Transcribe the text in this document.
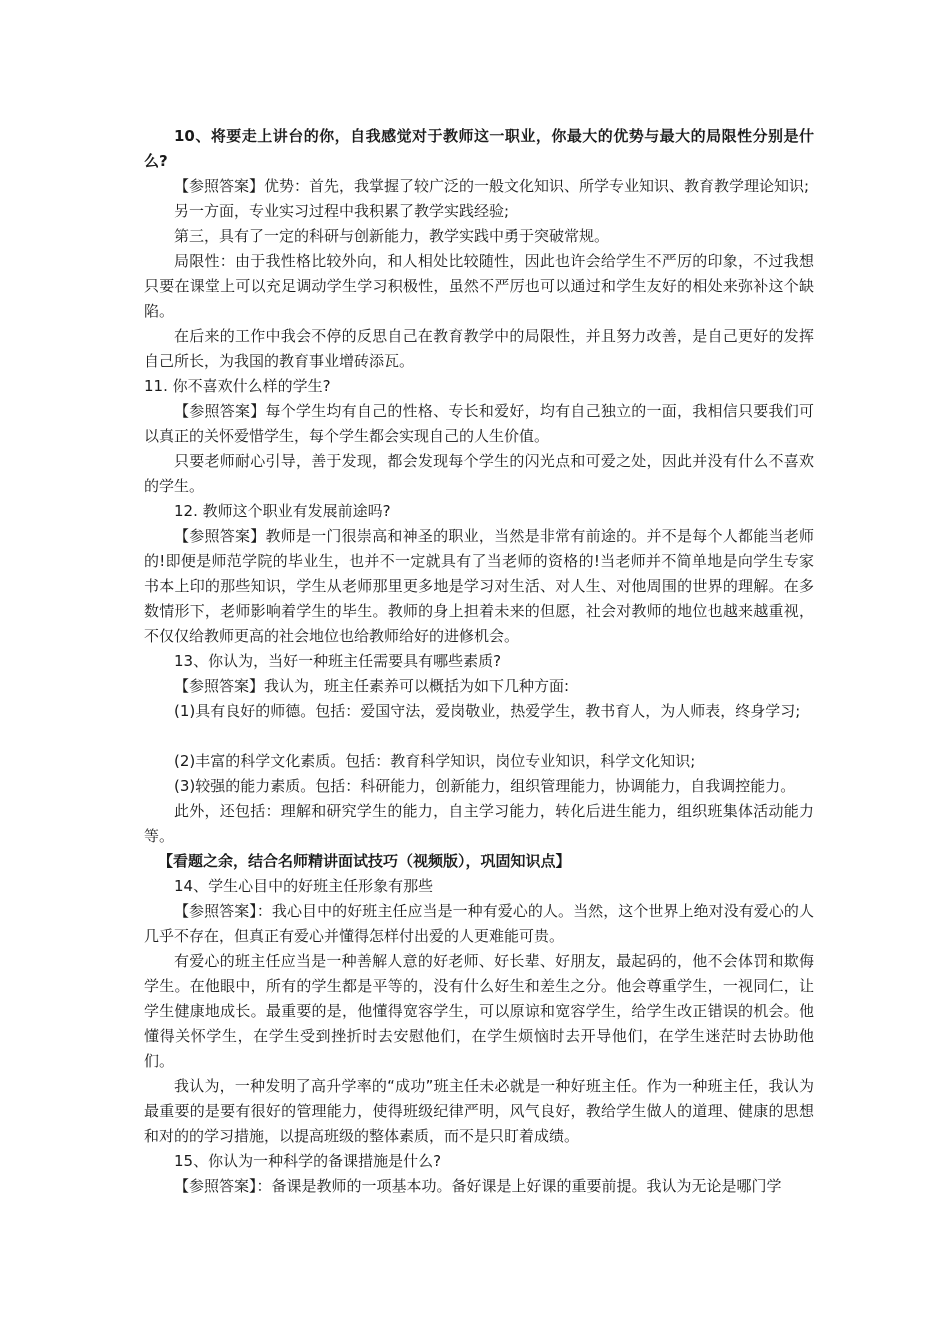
10、将要走上讲台的你，自我感觉对于教师这一职业，你最大的优势与最大的局限性分别是什么?

【参照答案】优势：首先，我掌握了较广泛的一般文化知识、所学专业知识、教育教学理论知识;

另一方面，专业实习过程中我积累了教学实践经验;

第三，具有了一定的科研与创新能力，教学实践中勇于突破常规。

局限性：由于我性格比较外向，和人相处比较随性，因此也许会给学生不严厉的印象，不过我想只要在课堂上可以充足调动学生学习积极性，虽然不严厉也可以通过和学生友好的相处来弥补这个缺陷。

在后来的工作中我会不停的反思自己在教育教学中的局限性，并且努力改善，是自己更好的发挥自己所长，为我国的教育事业增砖添瓦。

11. 你不喜欢什么样的学生?

【参照答案】每个学生均有自己的性格、专长和爱好，均有自己独立的一面，我相信只要我们可以真正的关怀爱惜学生，每个学生都会实现自己的人生价值。

只要老师耐心引导，善于发现，都会发现每个学生的闪光点和可爱之处，因此并没有什么不喜欢的学生。

12. 教师这个职业有发展前途吗?

【参照答案】教师是一门很崇高和神圣的职业，当然是非常有前途的。并不是每个人都能当老师的!即便是师范学院的毕业生，也并不一定就具有了当老师的资格的!当老师并不简单地是向学生专家书本上印的那些知识，学生从老师那里更多地是学习对生活、对人生、对他周围的世界的理解。在多数情形下，老师影响着学生的毕生。教师的身上担着未来的但愿，社会对教师的地位也越来越重视，不仅仅给教师更高的社会地位也给教师给好的进修机会。

13、你认为，当好一种班主任需要具有哪些素质?

【参照答案】我认为，班主任素养可以概括为如下几种方面:

(1)具有良好的师德。包括：爱国守法，爱岗敬业，热爱学生，教书育人，为人师表，终身学习;

(2)丰富的科学文化素质。包括：教育科学知识，岗位专业知识，科学文化知识;

(3)较强的能力素质。包括：科研能力，创新能力，组织管理能力，协调能力，自我调控能力。

此外，还包括：理解和研究学生的能力，自主学习能力，转化后进生能力，组织班集体活动能力等。

【看题之余，结合名师精讲面试技巧（视频版），巩固知识点】

14、学生心目中的好班主任形象有那些

【参照答案】：我心目中的好班主任应当是一种有爱心的人。当然，这个世界上绝对没有爱心的人几乎不存在，但真正有爱心并懂得怎样付出爱的人更难能可贵。

有爱心的班主任应当是一种善解人意的好老师、好长辈、好朋友，最起码的，他不会体罚和欺侮学生。在他眼中，所有的学生都是平等的，没有什么好生和差生之分。他会尊重学生，一视同仁，让学生健康地成长。最重要的是，他懂得宽容学生，可以原谅和宽容学生，给学生改正错误的机会。他懂得关怀学生，在学生受到挫折时去安慰他们，在学生烦恼时去开导他们，在学生迷茫时去协助他们。

我认为，一种发明了高升学率的“成功”班主任未必就是一种好班主任。作为一种班主任，我认为最重要的是要有很好的管理能力，使得班级纪律严明，风气良好，教给学生做人的道理、健康的思想和对的的学习措施，以提高班级的整体素质，而不是只盯着成绩。

15、你认为一种科学的备课措施是什么?

【参照答案】：备课是教师的一项基本功。备好课是上好课的重要前提。我认为无论是哪门学
